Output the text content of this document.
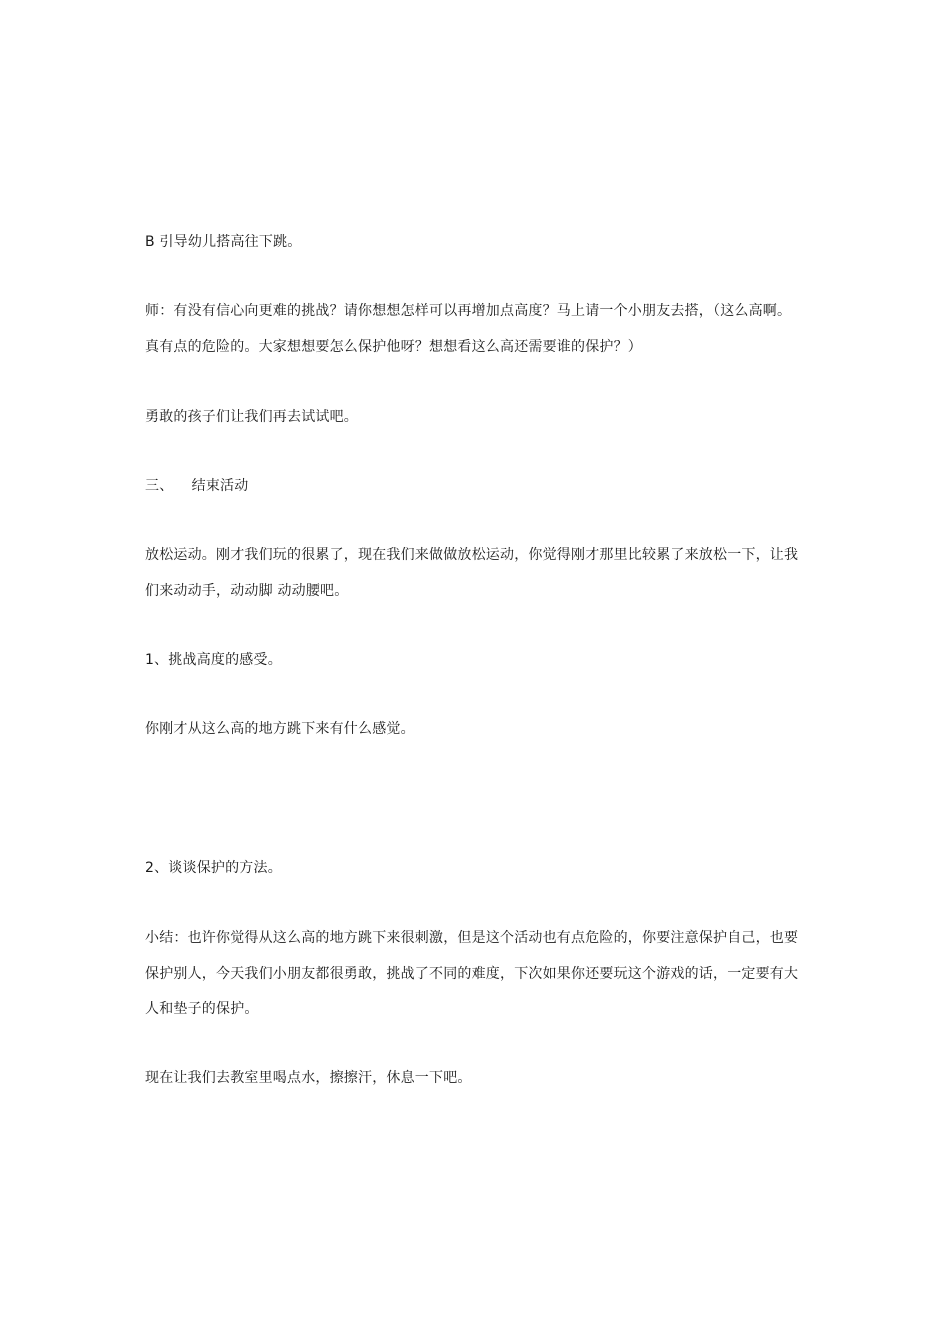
B 引导幼儿搭高往下跳。
师：有没有信心向更难的挑战？请你想想怎样可以再增加点高度？马上请一个小朋友去搭，（这么高啊。
真有点的危险的。大家想想要怎么保护他呀？想想看这么高还需要谁的保护？）
勇敢的孩子们让我们再去试试吧。
三、 结束活动
放松运动。刚才我们玩的很累了，现在我们来做做放松运动，你觉得刚才那里比较累了来放松一下，让我
们来动动手，动动脚 动动腰吧。
1、挑战高度的感受。
你刚才从这么高的地方跳下来有什么感觉。
2、谈谈保护的方法。
小结：也许你觉得从这么高的地方跳下来很刺激，但是这个活动也有点危险的，你要注意保护自己，也要
保护别人，今天我们小朋友都很勇敢，挑战了不同的难度，下次如果你还要玩这个游戏的话，一定要有大
人和垫子的保护。
现在让我们去教室里喝点水，擦擦汗，休息一下吧。
